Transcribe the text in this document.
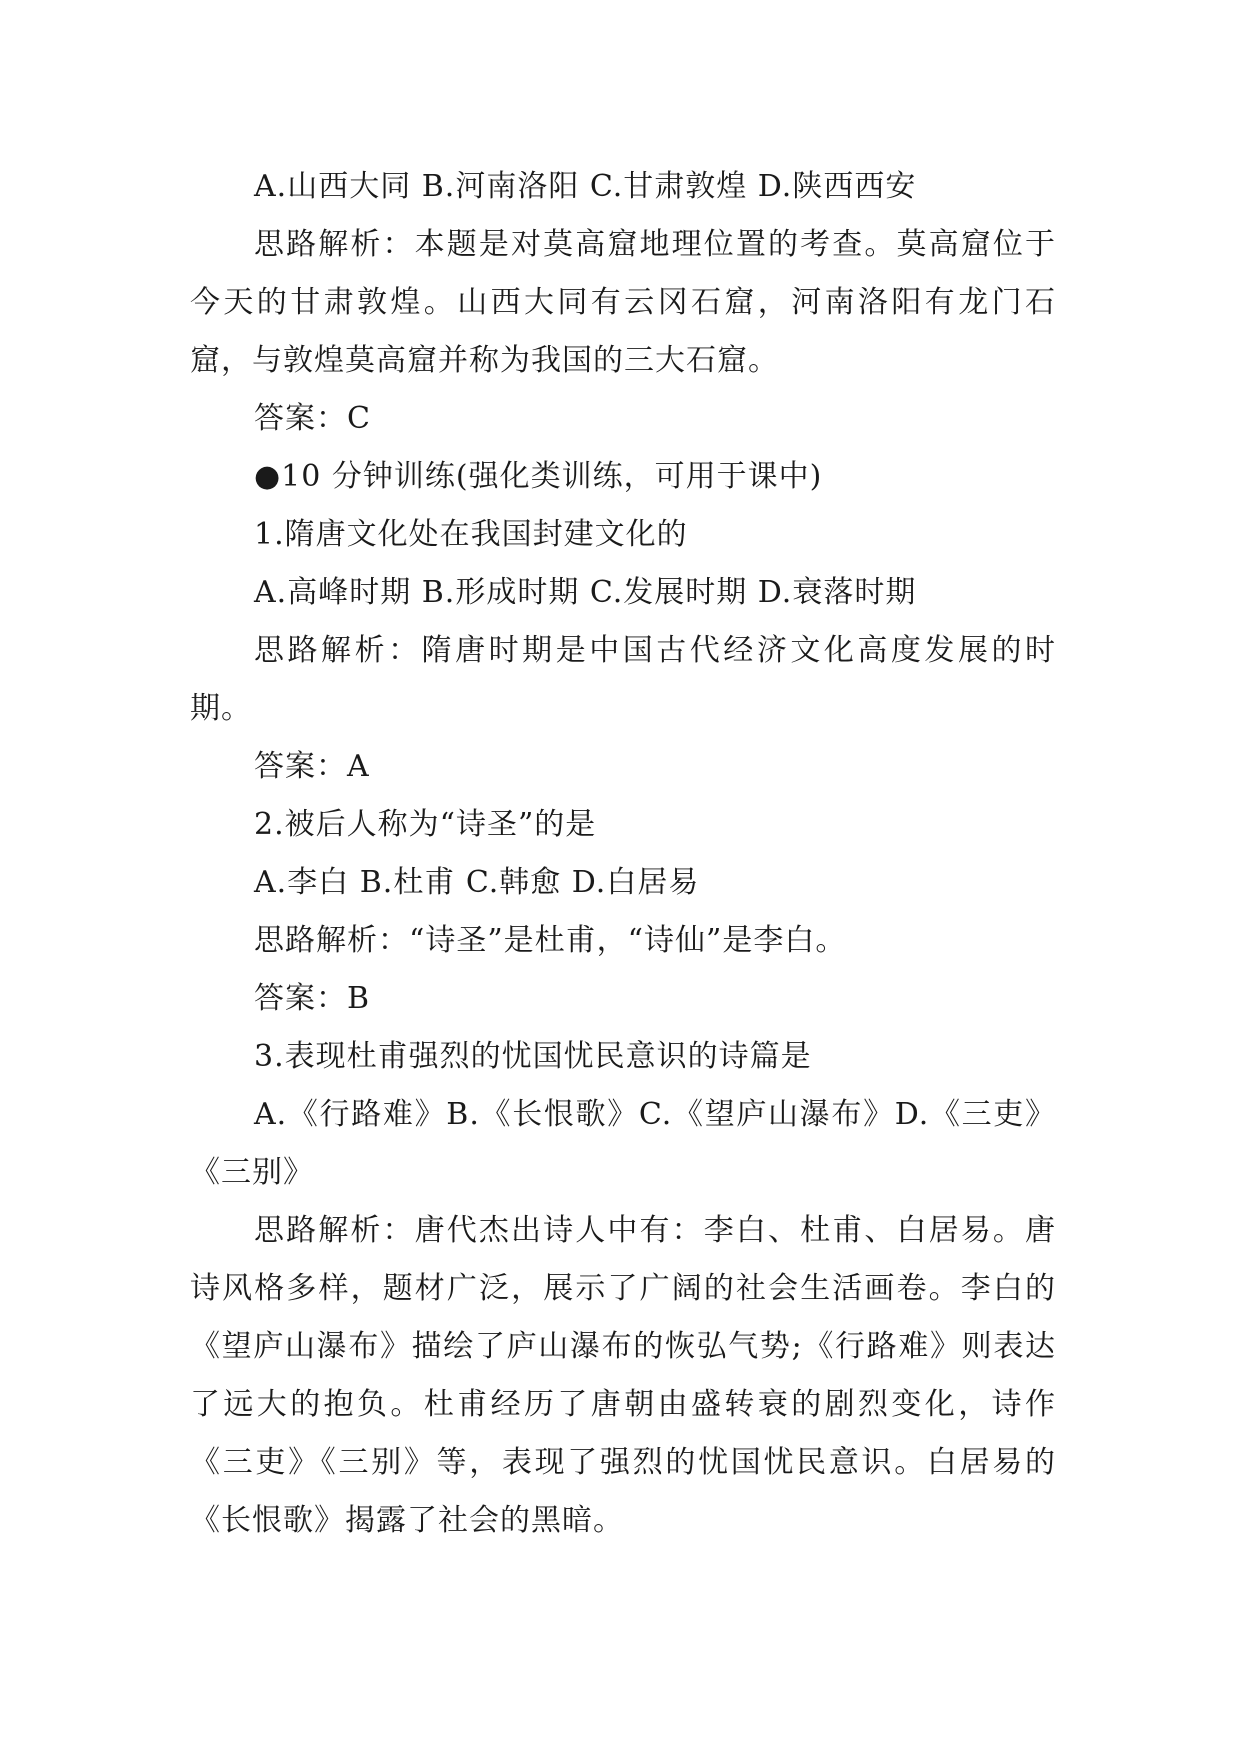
A.山西大同 B.河南洛阳 C.甘肃敦煌 D.陕西西安

思路解析：本题是对莫高窟地理位置的考查。莫高窟位于今天的甘肃敦煌。山西大同有云冈石窟，河南洛阳有龙门石窟，与敦煌莫高窟并称为我国的三大石窟。

答案：C

●10 分钟训练(强化类训练，可用于课中)

1.隋唐文化处在我国封建文化的

A.高峰时期 B.形成时期 C.发展时期 D.衰落时期

思路解析：隋唐时期是中国古代经济文化高度发展的时期。

答案：A

2.被后人称为“诗圣”的是

A.李白 B.杜甫 C.韩愈 D.白居易

思路解析：“诗圣”是杜甫，“诗仙”是李白。

答案：B

3.表现杜甫强烈的忧国忧民意识的诗篇是

A.《行路难》B.《长恨歌》C.《望庐山瀑布》D.《三吏》《三别》

思路解析：唐代杰出诗人中有：李白、杜甫、白居易。唐诗风格多样，题材广泛，展示了广阔的社会生活画卷。李白的《望庐山瀑布》描绘了庐山瀑布的恢弘气势;《行路难》则表达了远大的抱负。杜甫经历了唐朝由盛转衰的剧烈变化，诗作《三吏》《三别》等，表现了强烈的忧国忧民意识。白居易的《长恨歌》揭露了社会的黑暗。
